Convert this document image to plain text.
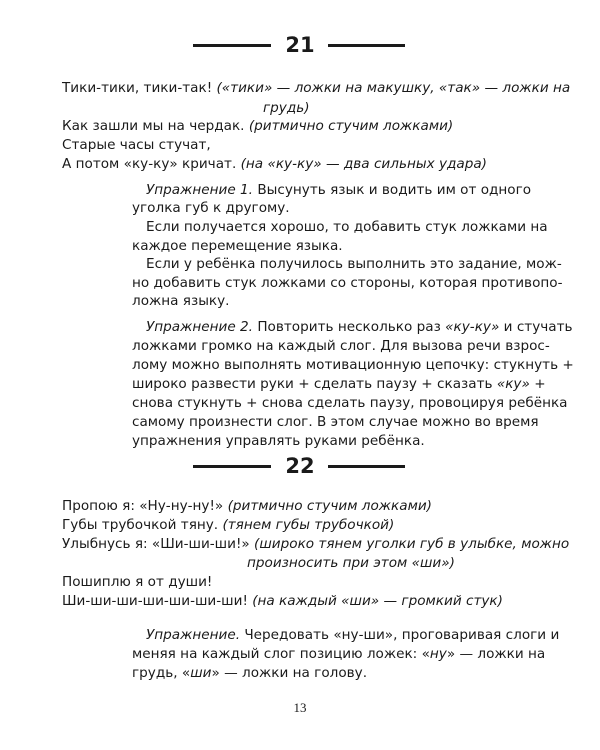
21
Тики-тики, тики-так! («тики» — ложки на макушку, «так» — ложки на
грудь)
Как зашли мы на чердак. (ритмично стучим ложками)
Старые часы стучат,
А потом «ку-ку» кричат. (на «ку-ку» — два сильных удара)
Упражнение 1. Высунуть язык и водить им от одного
уголка губ к другому.
Если получается хорошо, то добавить стук ложками на
каждое перемещение языка.
Если у ребёнка получилось выполнить это задание, мож-
но добавить стук ложками со стороны, которая противопо-
ложна языку.
Упражнение 2. Повторить несколько раз «ку-ку» и стучать
ложками громко на каждый слог. Для вызова речи взрос-
лому можно выполнять мотивационную цепочку: стукнуть +
широко развести руки + сделать паузу + сказать «ку» +
снова стукнуть + снова сделать паузу, провоцируя ребёнка
самому произнести слог. В этом случае можно во время
упражнения управлять руками ребёнка.
22
Пропою я: «Ну-ну-ну!» (ритмично стучим ложками)
Губы трубочкой тяну. (тянем губы трубочкой)
Улыбнусь я: «Ши-ши-ши!» (широко тянем уголки губ в улыбке, можно
произносить при этом «ши»)
Пошиплю я от души!
Ши-ши-ши-ши-ши-ши-ши! (на каждый «ши» — громкий стук)
Упражнение. Чередовать «ну-ши», проговаривая слоги и
меняя на каждый слог позицию ложек: «ну» — ложки на
грудь, «ши» — ложки на голову.
13
